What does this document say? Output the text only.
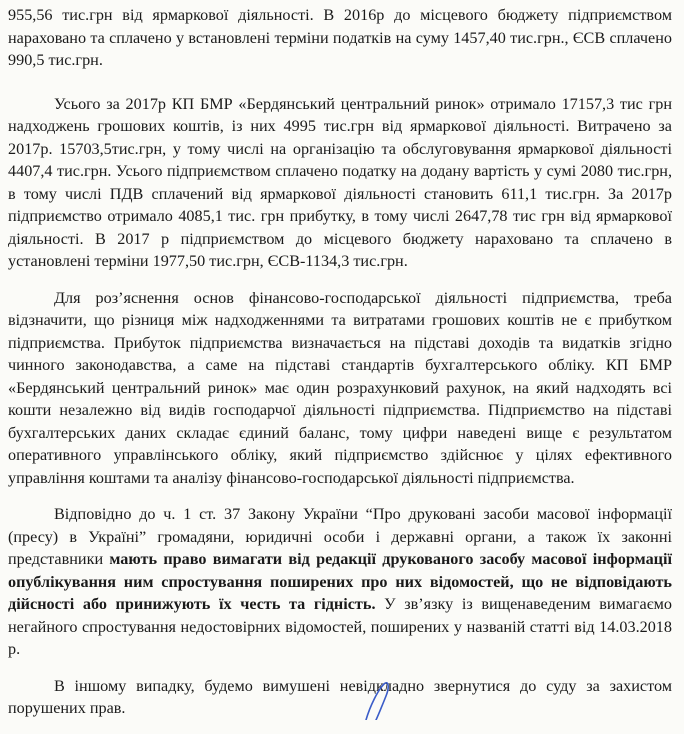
955,56 тис.грн від ярмаркової діяльності. В 2016р до місцевого бюджету підприємством нараховано та сплачено у встановлені терміни податків на суму 1457,40 тис.грн., ЄСВ сплачено 990,5 тис.грн.

Усього за 2017р КП БМР «Бердянський центральний ринок» отримало 17157,3 тис грн надходжень грошових коштів, із них 4995 тис.грн від ярмаркової діяльності. Витрачено за 2017р. 15703,5тис.грн, у тому числі на організацію та обслуговування ярмаркової діяльності 4407,4 тис.грн. Усього підприємством сплачено податку на додану вартість у сумі 2080 тис.грн, в тому числі ПДВ сплачений від ярмаркової діяльності становить 611,1 тис.грн. За 2017р підприємство отримало 4085,1 тис. грн прибутку, в тому числі 2647,78 тис грн від ярмаркової діяльності. В 2017 р підприємством до місцевого бюджету нараховано та сплачено в установлені терміни 1977,50 тис.грн, ЄСВ-1134,3 тис.грн.

Для роз’яснення основ фінансово-господарської діяльності підприємства, треба відзначити, що різниця між надходженнями та витратами грошових коштів не є прибутком підприємства. Прибуток підприємства визначається на підставі доходів та видатків згідно чинного законодавства, а саме на підставі стандартів бухгалтерського обліку. КП БМР «Бердянський центральний ринок» має один розрахунковий рахунок, на який надходять всі кошти незалежно від видів господарчої діяльності підприємства. Підприємство на підставі бухгалтерських даних складає єдиний баланс, тому цифри наведені вище є результатом оперативного управлінського обліку, який підприємство здійснює у цілях ефективного управління коштами та аналізу фінансово-господарської діяльності підприємства.

Відповідно до ч. 1 ст. 37 Закону України “Про друковані засоби масової інформації (пресу) в Україні” громадяни, юридичні особи і державні органи, а також їх законні представники мають право вимагати від редакції друкованого засобу масової інформації опублікування ним спростування поширених про них відомостей, що не відповідають дійсності або принижують їх честь та гідність. У зв’язку із вищенаведеним вимагаємо негайного спростування недостовірних відомостей, поширених у названій статті від 14.03.2018 р.

В іншому випадку, будемо вимушені невідкладно звернутися до суду за захистом порушених прав.
